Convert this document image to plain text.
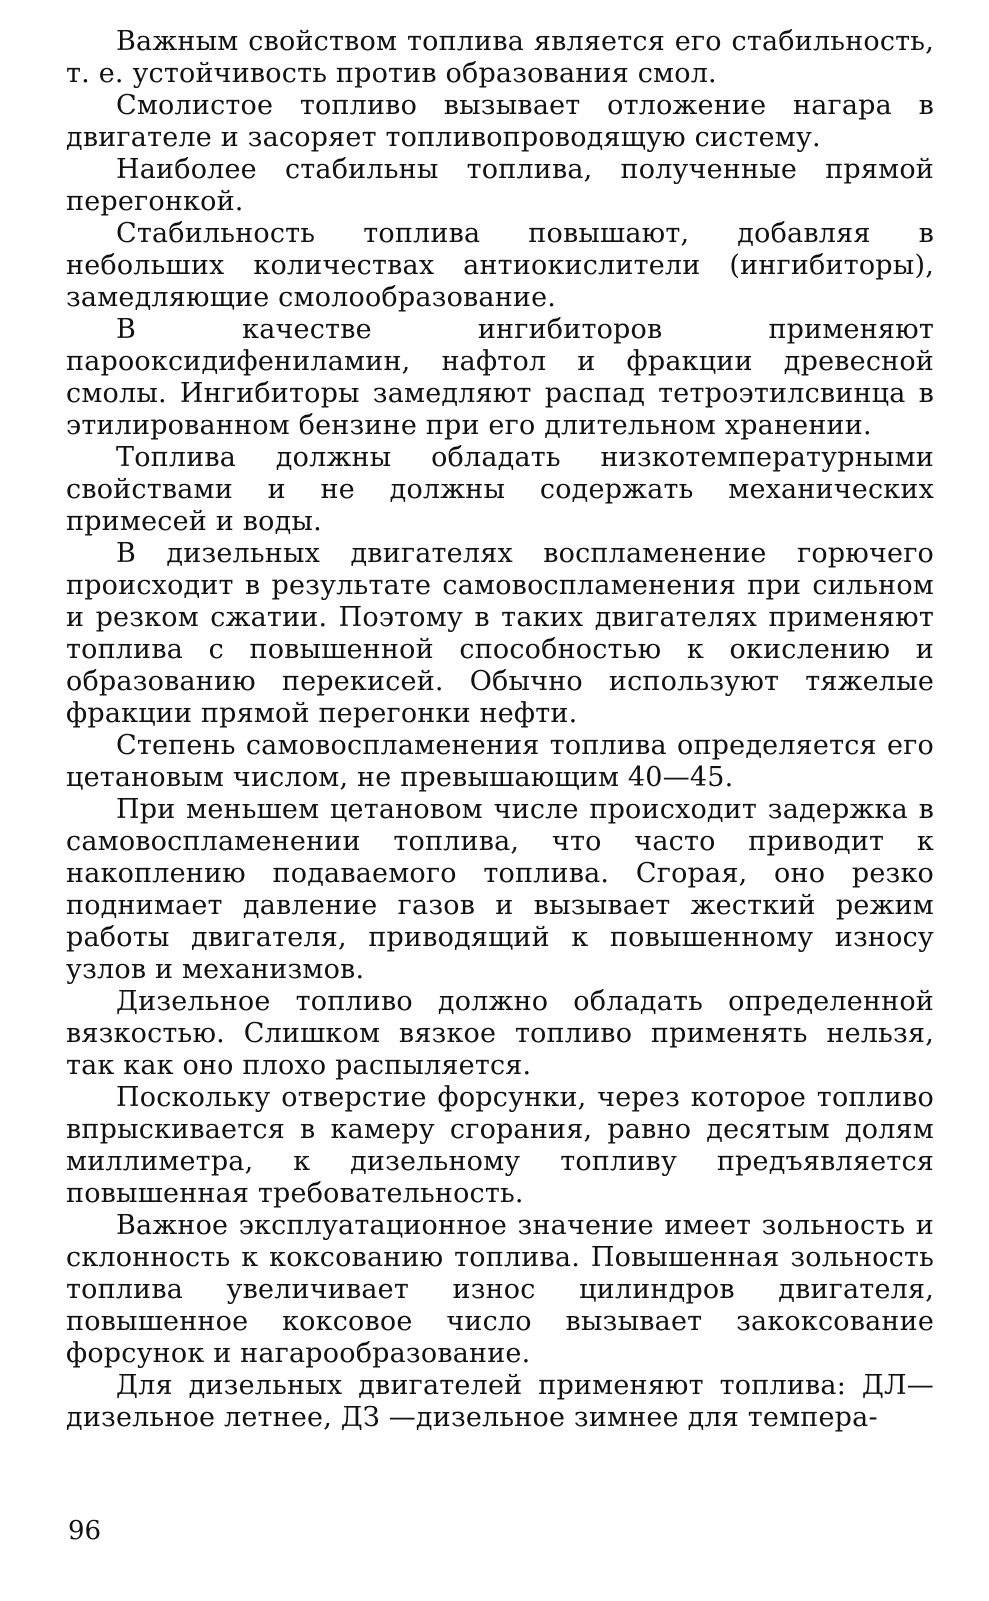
Важным свойством топлива является его стабильность, т. е. устойчивость против образования смол.

Смолистое топливо вызывает отложение нагара в двигателе и засоряет топливопроводящую систему.

Наиболее стабильны топлива, полученные прямой перегонкой.

Стабильность топлива повышают, добавляя в небольших количествах антиокислители (ингибиторы), замедляющие смолообразование.

В качестве ингибиторов применяют парооксидифениламин, нафтол и фракции древесной смолы. Ингибиторы замедляют распад тетроэтилсвинца в этилированном бензине при его длительном хранении.

Топлива должны обладать низкотемпературными свойствами и не должны содержать механических примесей и воды.

В дизельных двигателях воспламенение горючего происходит в результате самовоспламенения при сильном и резком сжатии. Поэтому в таких двигателях применяют топлива с повышенной способностью к окислению и образованию перекисей. Обычно используют тяжелые фракции прямой перегонки нефти.

Степень самовоспламенения топлива определяется его цетановым числом, не превышающим 40—45.

При меньшем цетановом числе происходит задержка в самовоспламенении топлива, что часто приводит к накоплению подаваемого топлива. Сгорая, оно резко поднимает давление газов и вызывает жесткий режим работы двигателя, приводящий к повышенному износу узлов и механизмов.

Дизельное топливо должно обладать определенной вязкостью. Слишком вязкое топливо применять нельзя, так как оно плохо распыляется.

Поскольку отверстие форсунки, через которое топливо впрыскивается в камеру сгорания, равно десятым долям миллиметра, к дизельному топливу предъявляется повышенная требовательность.

Важное эксплуатационное значение имеет зольность и склонность к коксованию топлива. Повышенная зольность топлива увеличивает износ цилиндров двигателя, повышенное коксовое число вызывает закоксование форсунок и нагарообразование.

Для дизельных двигателей применяют топлива: ДЛ—дизельное летнее, ДЗ —дизельное зимнее для темпера-

96
